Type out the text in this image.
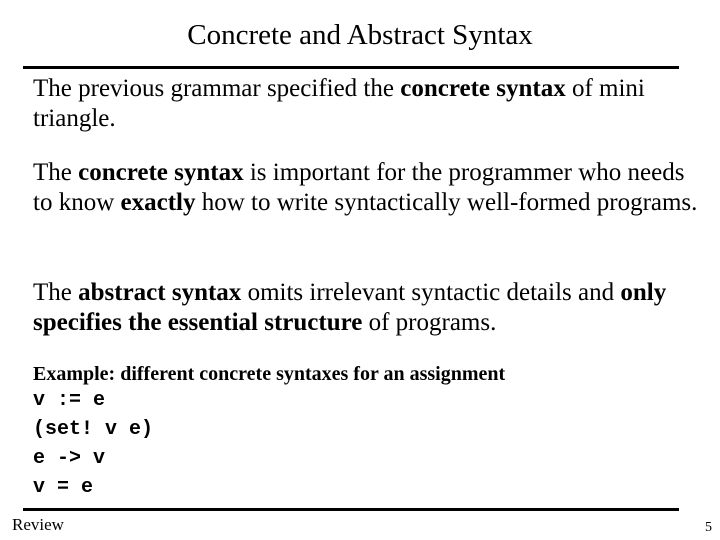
Concrete and Abstract Syntax

The previous grammar specified the concrete syntax of mini triangle.

The concrete syntax is important for the programmer who needs to know exactly how to write syntactically well-formed programs.

The abstract syntax omits irrelevant syntactic details and only specifies the essential structure of programs.

Example: different concrete syntaxes for an assignment
v := e
(set! v e)
e -> v
v = e
Review	5
